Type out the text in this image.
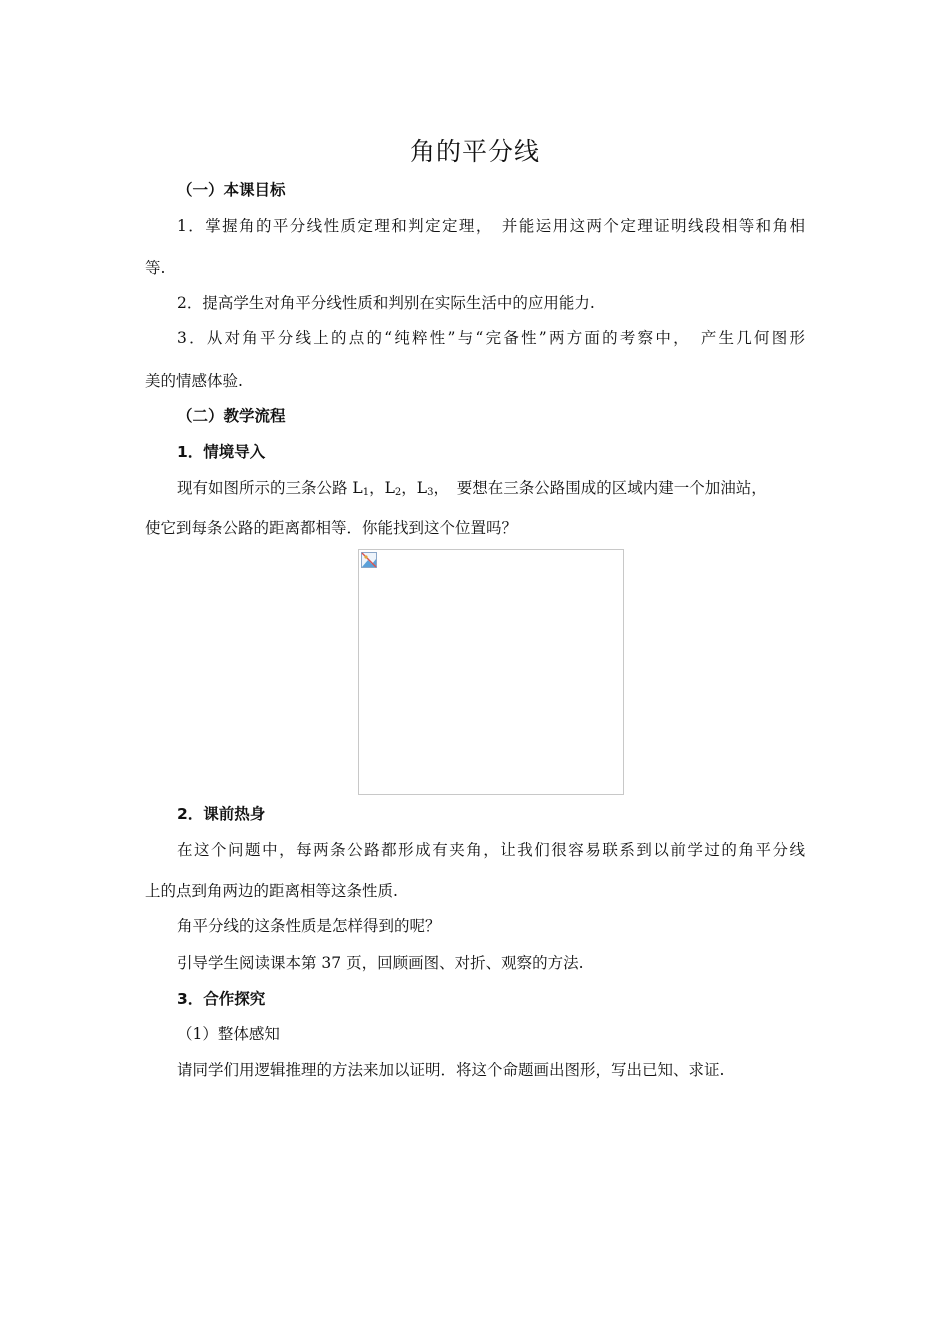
角的平分线
（一）本课目标
1．掌握角的平分线性质定理和判定定理，　并能运用这两个定理证明线段相等和角相
等.
2．提高学生对角平分线性质和判别在实际生活中的应用能力.
3．从对角平分线上的点的“纯粹性”与“完备性”两方面的考察中，　产生几何图形
美的情感体验.
（二）教学流程
1．情境导入
现有如图所示的三条公路 $L_1$，$L_2$，$L_3$，　要想在三条公路围成的区域内建一个加油站，
使它到每条公路的距离都相等．你能找到这个位置吗？
2．课前热身
在这个问题中，每两条公路都形成有夹角，让我们很容易联系到以前学过的角平分线
上的点到角两边的距离相等这条性质.
角平分线的这条性质是怎样得到的呢？
引导学生阅读课本第 37 页，回顾画图、对折、观察的方法.
3．合作探究
（1）整体感知
请同学们用逻辑推理的方法来加以证明．将这个命题画出图形，写出已知、求证.
